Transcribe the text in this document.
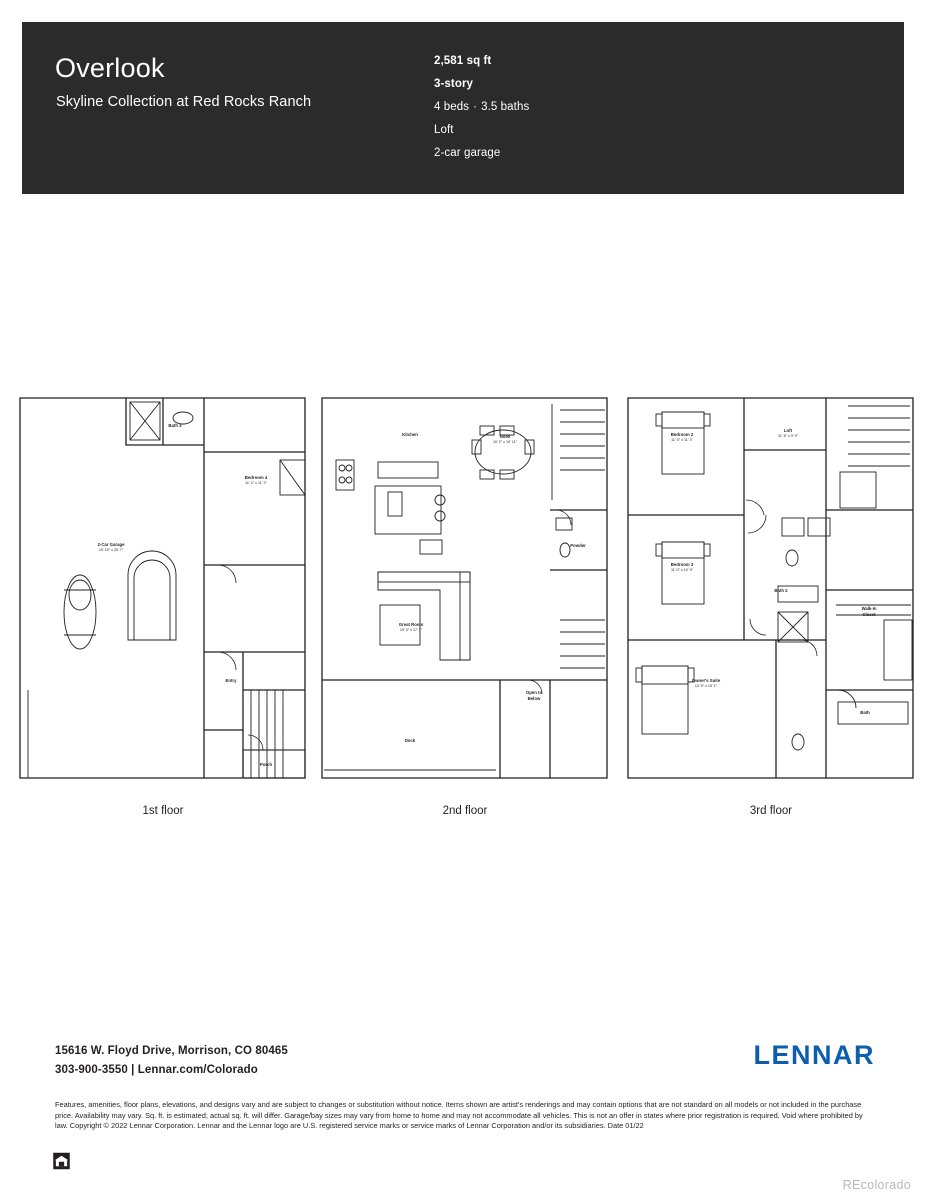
Overlook
Skyline Collection at Red Rocks Ranch
2,581 sq ft
3-story
4 beds · 3.5 baths
Loft
2-car garage
Bath 3
Bedroom 4
11' 2" x 11' 2"
2-Car Garage
19' 10" x 20' 7"
Entry
Porch
1st floor
Kitchen	Nook
10' 2" x 10' 11"
Powder
Great Room
19' 0" x 17' 7"
Open to
Below
Deck
2nd floor
Bedroom 2
11' 0" x 11' 3"
Loft
11' 6" x 9' 9"
Bedroom 3
11' 0" x 10' 9"
Bath 2
Walk-In
Closet
Owner's Suite
13' 5" x 15' 1"
Bath
3rd floor
15616 W. Floyd Drive, Morrison, CO 80465
303-900-3550 | Lennar.com/Colorado	LENNAR
Features, amenities, floor plans, elevations, and designs vary and are subject to changes or substitution without notice. Items shown are artist's renderings and may contain options that are not standard on all models or not included in the purchase price. Availability may vary. Sq. ft. is estimated; actual sq. ft. will differ. Garage/bay sizes may vary from home to home and may not accommodate all vehicles. This is not an offer in states where prior registration is required. Void where prohibited by law. Copyright © 2022 Lennar Corporation. Lennar and the Lennar logo are U.S. registered service marks or service marks of Lennar Corporation and/or its subsidiaries. Date 01/22
REcolorado
